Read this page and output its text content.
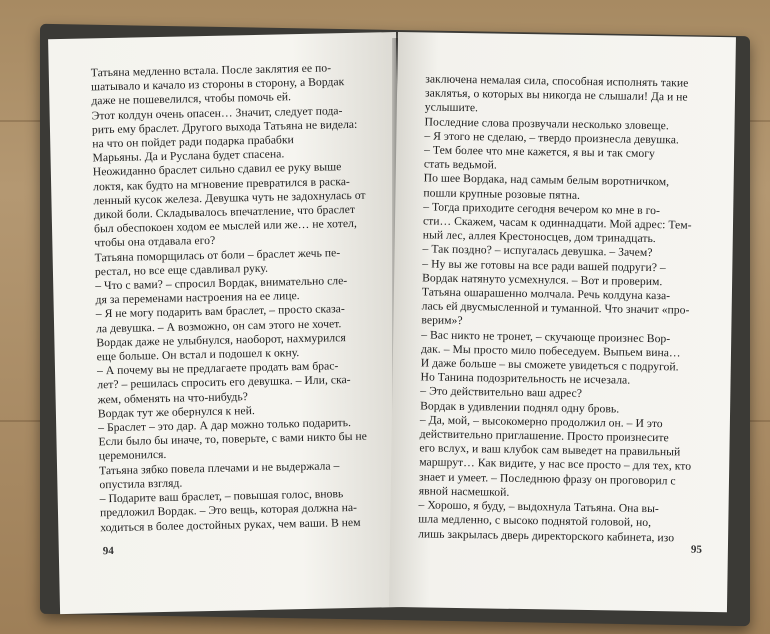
Татьяна медленно встала. После заклятия ее по-
шатывало и качало из стороны в сторону, а Вордак
даже не пошевелился, чтобы помочь ей.
Этот колдун очень опасен… Значит, следует пода-
рить ему браслет. Другого выхода Татьяна не видела:
на что он пойдет ради подарка прабабки
Марьяны. Да и Руслана будет спасена.
Неожиданно браслет сильно сдавил ее руку выше
локтя, как будто на мгновение превратился в раска-
ленный кусок железа. Девушка чуть не задохнулась от
дикой боли. Складывалось впечатление, что браслет
был обеспокоен ходом ее мыслей или же… не хотел,
чтобы она отдавала его?
Татьяна поморщилась от боли – браслет жечь пе-
рестал, но все еще сдавливал руку.
– Что с вами? – спросил Вордак, внимательно сле-
дя за переменами настроения на ее лице.
– Я не могу подарить вам браслет, – просто сказа-
ла девушка. – А возможно, он сам этого не хочет.
Вордак даже не улыбнулся, наоборот, нахмурился
еще больше. Он встал и подошел к окну.
– А почему вы не предлагаете продать вам брас-
лет? – решилась спросить его девушка. – Или, ска-
жем, обменять на что-нибудь?
Вордак тут же обернулся к ней.
– Браслет – это дар. А дар можно только подарить.
Если было бы иначе, то, поверьте, с вами никто бы не
церемонился.
Татьяна зябко повела плечами и не выдержала –
опустила взгляд.
– Подарите ваш браслет, – повышая голос, вновь
предложил Вордак. – Это вещь, которая должна на-
ходиться в более достойных руках, чем ваши. В нем
94
заключена немалая сила, способная исполнять такие
заклятья, о которых вы никогда не слышали! Да и не
услышите.
Последние слова прозвучали несколько зловеще.
– Я этого не сделаю, – твердо произнесла девушка.
– Тем более что мне кажется, я вы и так смогу
стать ведьмой.
По шее Вордака, над самым белым воротничком,
пошли крупные розовые пятна.
– Тогда приходите сегодня вечером ко мне в го-
сти… Скажем, часам к одиннадцати. Мой адрес: Тем-
ный лес, аллея Крестоносцев, дом тринадцать.
– Так поздно? – испугалась девушка. – Зачем?
– Ну вы же готовы на все ради вашей подруги? –
Вордак натянуто усмехнулся. – Вот и проверим.
Татьяна ошарашенно молчала. Речь колдуна каза-
лась ей двусмысленной и туманной. Что значит «про-
верим»?
– Вас никто не тронет, – скучающе произнес Вор-
дак. – Мы просто мило побеседуем. Выпьем вина…
И даже больше – вы сможете увидеться с подругой.
Но Танина подозрительность не исчезала.
– Это действительно ваш адрес?
Вордак в удивлении поднял одну бровь.
– Да, мой, – высокомерно продолжил он. – И это
действительно приглашение. Просто произнесите
его вслух, и ваш клубок сам выведет на правильный
маршрут… Как видите, у нас все просто – для тех, кто
знает и умеет. – Последнюю фразу он проговорил с
явной насмешкой.
– Хорошо, я буду, – выдохнула Татьяна. Она вы-
шла медленно, с высоко поднятой головой, но,
лишь закрылась дверь директорского кабинета, изо
95
